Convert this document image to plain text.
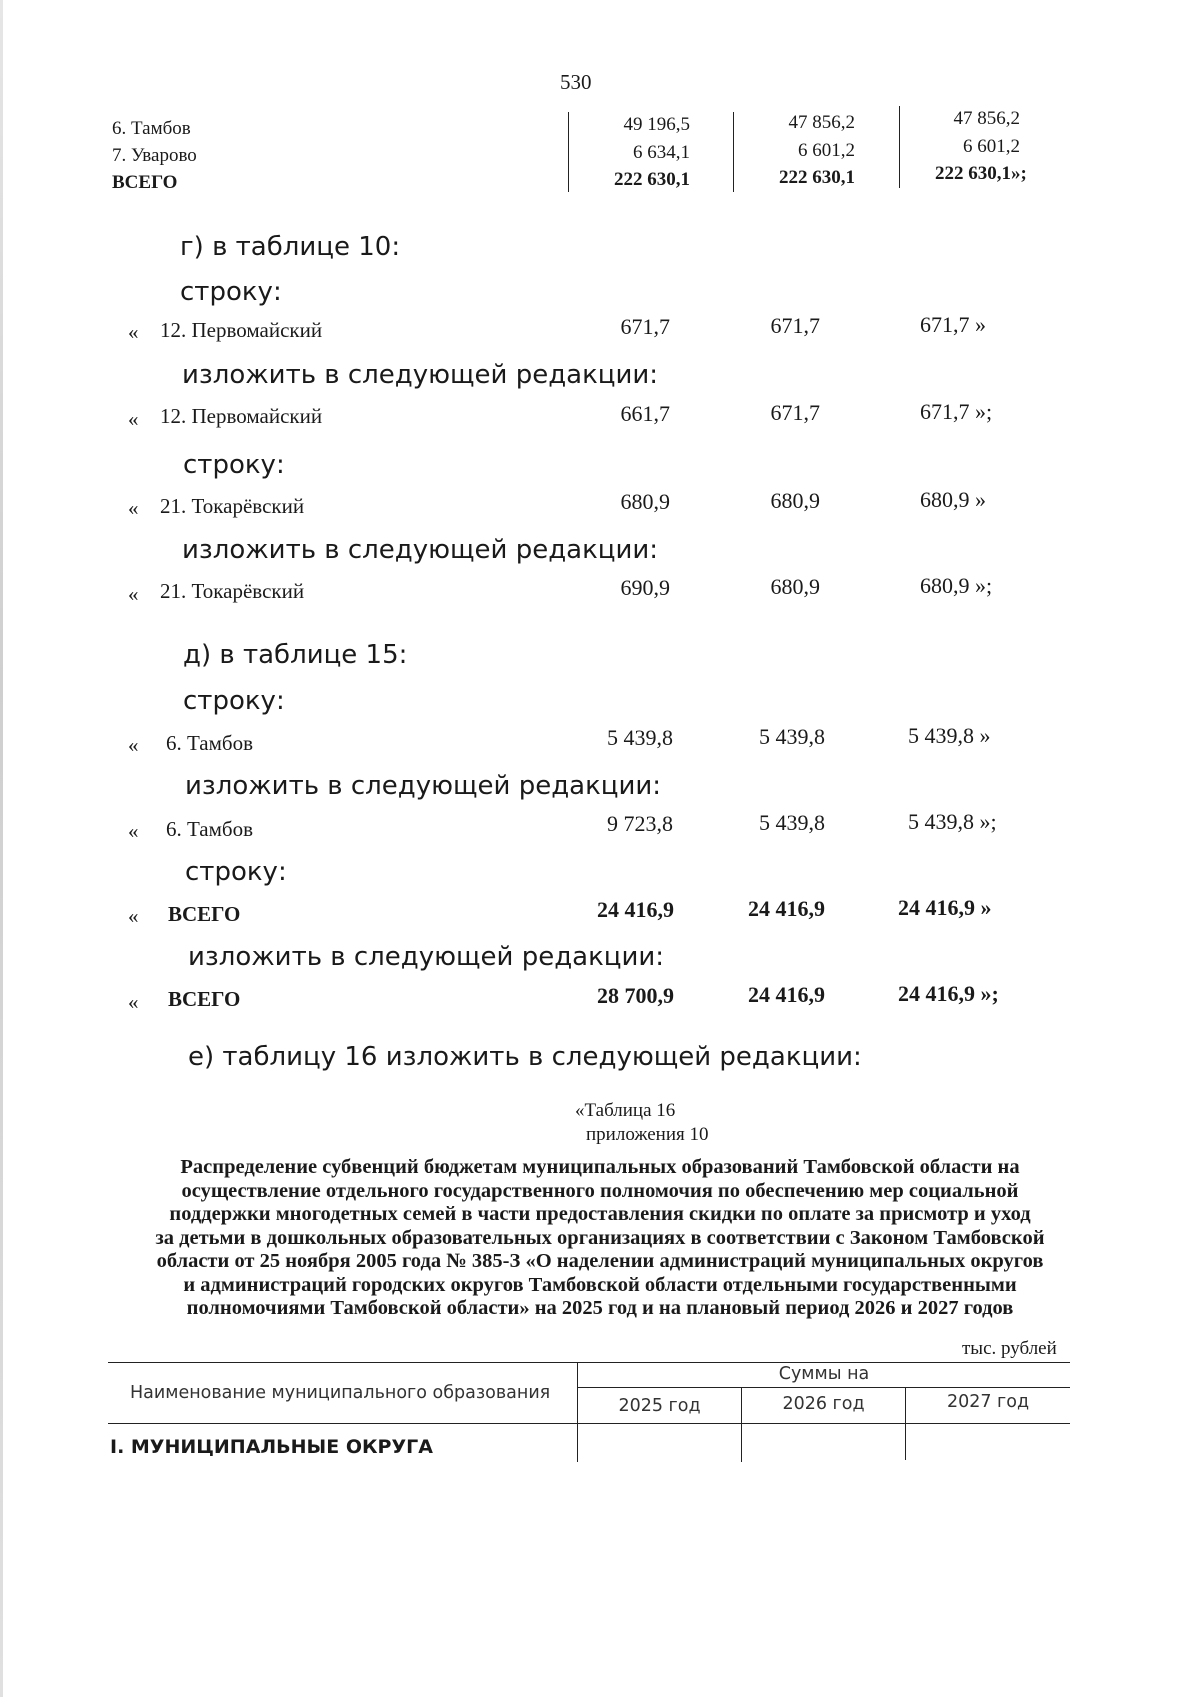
530
6. Тамбов	49 196,5	47 856,2	47 856,2
7. Уварово	6 634,1	6 601,2	6 601,2
ВСЕГО	222 630,1	222 630,1	222 630,1»;
г) в таблице 10:
строку:
« 12. Первомайский	671,7	671,7	671,7 »
изложить в следующей редакции:
« 12. Первомайский	661,7	671,7	671,7 »;
строку:
« 21. Токарёвский	680,9	680,9	680,9 »
изложить в следующей редакции:
« 21. Токарёвский	690,9	680,9	680,9 »;
д) в таблице 15:
строку:
« 6. Тамбов	5 439,8	5 439,8	5 439,8 »
изложить в следующей редакции:
« 6. Тамбов	9 723,8	5 439,8	5 439,8 »;
строку:
« ВСЕГО	24 416,9	24 416,9	24 416,9 »
изложить в следующей редакции:
« ВСЕГО	28 700,9	24 416,9	24 416,9 »;
е) таблицу 16 изложить в следующей редакции:
«Таблица 16
приложения 10
Распределение субвенций бюджетам муниципальных образований Тамбовской области на
осуществление отдельного государственного полномочия по обеспечению мер социальной
поддержки многодетных семей в части предоставления скидки по оплате за присмотр и уход
за детьми в дошкольных образовательных организациях в соответствии с Законом Тамбовской
области от 25 ноября 2005 года № 385-З «О наделении администраций муниципальных округов
и администраций городских округов Тамбовской области отдельными государственными
полномочиями Тамбовской области» на 2025 год и на плановый период 2026 и 2027 годов
тыс. рублей
Наименование муниципального образования
Суммы на
2025 год	2026 год	2027 год
I. МУНИЦИПАЛЬНЫЕ ОКРУГА
